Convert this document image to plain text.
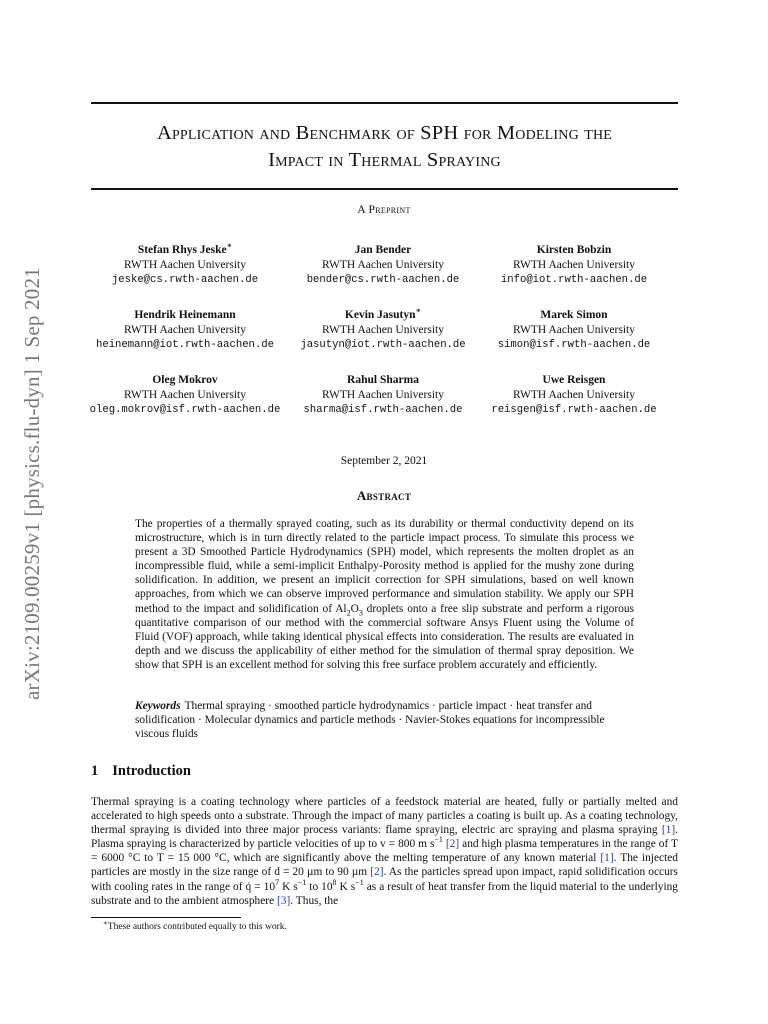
arXiv:2109.00259v1 [physics.flu-dyn] 1 Sep 2021
Application and Benchmark of SPH for Modeling the
Impact in Thermal Spraying
A Preprint
Stefan Rhys Jeske∗
RWTH Aachen University
jeske@cs.rwth-aachen.de
Jan Bender
RWTH Aachen University
bender@cs.rwth-aachen.de
Kirsten Bobzin
RWTH Aachen University
info@iot.rwth-aachen.de
Hendrik Heinemann
RWTH Aachen University
heinemann@iot.rwth-aachen.de
Kevin Jasutyn∗
RWTH Aachen University
jasutyn@iot.rwth-aachen.de
Marek Simon
RWTH Aachen University
simon@isf.rwth-aachen.de
Oleg Mokrov
RWTH Aachen University
oleg.mokrov@isf.rwth-aachen.de
Rahul Sharma
RWTH Aachen University
sharma@isf.rwth-aachen.de
Uwe Reisgen
RWTH Aachen University
reisgen@isf.rwth-aachen.de
September 2, 2021
Abstract

The properties of a thermally sprayed coating, such as its durability or thermal conductivity depend on its microstructure, which is in turn directly related to the particle impact process. To simulate this process we present a 3D Smoothed Particle Hydrodynamics (SPH) model, which represents the molten droplet as an incompressible fluid, while a semi-implicit Enthalpy-Porosity method is applied for the mushy zone during solidification. In addition, we present an implicit correction for SPH simulations, based on well known approaches, from which we can observe improved performance and simulation stability. We apply our SPH method to the impact and solidification of $Al_2O_3$ droplets onto a free slip substrate and perform a rigorous quantitative comparison of our method with the commercial software Ansys Fluent using the Volume of Fluid (VOF) approach, while taking identical physical effects into consideration. The results are evaluated in depth and we discuss the applicability of either method for the simulation of thermal spray deposition. We show that SPH is an excellent method for solving this free surface problem accurately and efficiently.

Keywords Thermal spraying · smoothed particle hydrodynamics · particle impact · heat transfer and solidification · Molecular dynamics and particle methods · Navier-Stokes equations for incompressible viscous fluids

1 Introduction

Thermal spraying is a coating technology where particles of a feedstock material are heated, fully or partially melted and accelerated to high speeds onto a substrate. Through the impact of many particles a coating is built up. As a coating technology, thermal spraying is divided into three major process variants: flame spraying, electric arc spraying and plasma spraying [1]. Plasma spraying is characterized by particle velocities of up to v = 800 m $s^{-1}$ [2] and high plasma temperatures in the range of T = 6000 °C to T = 15 000 °C, which are significantly above the melting temperature of any known material [1]. The injected particles are mostly in the size range of d = 20 µm to 90 µm [2]. As the particles spread upon impact, rapid solidification occurs with cooling rates in the range of q̇ = $10^7$ K $s^{-1}$ to $10^8$ K $s^{-1}$ as a result of heat transfer from the liquid material to the underlying substrate and to the ambient atmosphere [3]. Thus, the

∗These authors contributed equally to this work.
